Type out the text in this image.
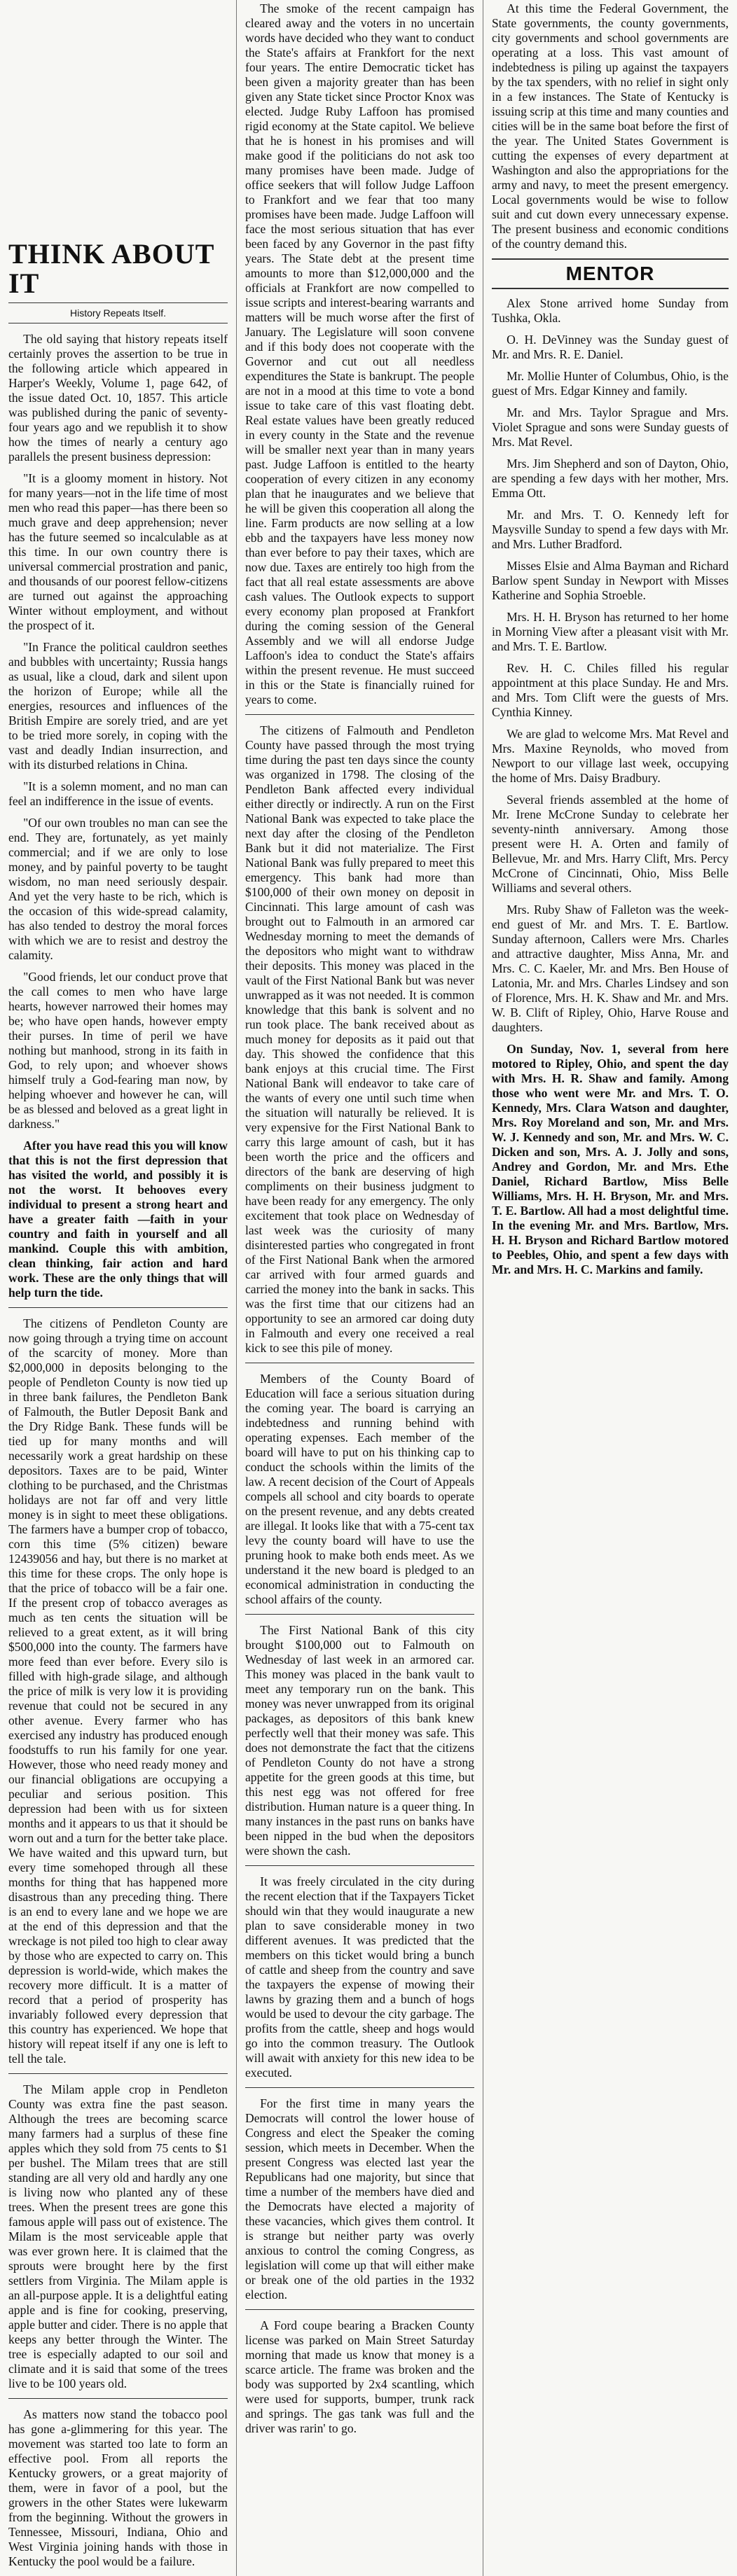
THINK ABOUT IT
History Repeats Itself.

The old saying that history repeats itself certainly proves the assertion to be true in the following article which appeared in Harper's Weekly, Volume 1, page 642, of the issue dated Oct. 10, 1857. This article was published during the panic of seventy-four years ago and we republish it to show how the times of nearly a century ago parallels the present business depression:

"It is a gloomy moment in history. Not for many years—not in the life time of most men who read this paper—has there been so much grave and deep apprehension; never has the future seemed so incalculable as at this time. In our own country there is universal commercial prostration and panic, and thousands of our poorest fellow-citizens are turned out against the approaching Winter without employment, and without the prospect of it.

"In France the political cauldron seethes and bubbles with uncertainty; Russia hangs as usual, like a cloud, dark and silent upon the horizon of Europe; while all the energies, resources and influences of the British Empire are sorely tried, and are yet to be tried more sorely, in coping with the vast and deadly Indian insurrection, and with its disturbed relations in China.

"It is a solemn moment, and no man can feel an indifference in the issue of events.

"Of our own troubles no man can see the end. They are, fortunately, as yet mainly commercial; and if we are only to lose money, and by painful poverty to be taught wisdom, no man need seriously despair. And yet the very haste to be rich, which is the occasion of this wide-spread calamity, has also tended to destroy the moral forces with which we are to resist and destroy the calamity.

"Good friends, let our conduct prove that the call comes to men who have large hearts, however narrowed their homes may be; who have open hands, however empty their purses. In time of peril we have nothing but manhood, strong in its faith in God, to rely upon; and whoever shows himself truly a God-fearing man now, by helping whoever and however he can, will be as blessed and beloved as a great light in darkness."

After you have read this you will know that this is not the first depression that has visited the world, and possibly it is not the worst. It behooves every individual to present a strong heart and have a greater faith —faith in your country and faith in yourself and all mankind. Couple this with ambition, clean thinking, fair action and hard work. These are the only things that will help turn the tide.

The citizens of Pendleton County are now going through a trying time on account of the scarcity of money. More than $2,000,000 in deposits belonging to the people of Pendleton County is now tied up in three bank failures, the Pendleton Bank of Falmouth, the Butler Deposit Bank and the Dry Ridge Bank. These funds will be tied up for many months and will necessarily work a great hardship on these depositors. Taxes are to be paid, Winter clothing to be purchased, and the Christmas holidays are not far off and very little money is in sight to meet these obligations. The farmers have a bumper crop of tobacco, corn this time (5% citizen) beware 12439056 and hay, but there is no market at this time for these crops. The only hope is that the price of tobacco will be a fair one. If the present crop of tobacco averages as much as ten cents the situation will be relieved to a great extent, as it will bring $500,000 into the county. The farmers have more feed than ever before. Every silo is filled with high-grade silage, and although the price of milk is very low it is providing revenue that could not be secured in any other avenue. Every farmer who has exercised any industry has produced enough foodstuffs to run his family for one year. However, those who need ready money and our financial obligations are occupying a peculiar and serious position. This depression had been with us for sixteen months and it appears to us that it should be worn out and a turn for the better take place. We have waited and this upward turn, but every time somehoped through all these months for thing that has happened more disastrous than any preceding thing. There is an end to every lane and we hope we are at the end of this depression and that the wreckage is not piled too high to clear away by those who are expected to carry on. This depression is world-wide, which makes the recovery more difficult. It is a matter of record that a period of prosperity has invariably followed every depression that this country has experienced. We hope that history will repeat itself if any one is left to tell the tale.

The Milam apple crop in Pendleton County was extra fine the past season. Although the trees are becoming scarce many farmers had a surplus of these fine apples which they sold from 75 cents to $1 per bushel. The Milam trees that are still standing are all very old and hardly any one is living now who planted any of these trees. When the present trees are gone this famous apple will pass out of existence. The Milam is the most serviceable apple that was ever grown here. It is claimed that the sprouts were brought here by the first settlers from Virginia. The Milam apple is an all-purpose apple. It is a delightful eating apple and is fine for cooking, preserving, apple butter and cider. There is no apple that keeps any better through the Winter. The tree is especially adapted to our soil and climate and it is said that some of the trees live to be 100 years old.

As matters now stand the tobacco pool has gone a-glimmering for this year. The movement was started too late to form an effective pool. From all reports the Kentucky growers, or a great majority of them, were in favor of a pool, but the growers in the other States were lukewarm from the beginning. Without the growers in Tennessee, Missouri, Indiana, Ohio and West Virginia joining hands with those in Kentucky the pool would be a failure.

The smoke of the recent campaign has cleared away and the voters in no uncertain words have decided who they want to conduct the State's affairs at Frankfort for the next four years. The entire Democratic ticket has been given a majority greater than has been given any State ticket since Proctor Knox was elected. Judge Ruby Laffoon has promised rigid economy at the State capitol. We believe that he is honest in his promises and will make good if the politicians do not ask too many promises have been made. Judge of office seekers that will follow Judge Laffoon to Frankfort and we fear that too many promises have been made. Judge Laffoon will face the most serious situation that has ever been faced by any Governor in the past fifty years. The State debt at the present time amounts to more than $12,000,000 and the officials at Frankfort are now compelled to issue scripts and interest-bearing warrants and matters will be much worse after the first of January. The Legislature will soon convene and if this body does not cooperate with the Governor and cut out all needless expenditures the State is bankrupt. The people are not in a mood at this time to vote a bond issue to take care of this vast floating debt. Real estate values have been greatly reduced in every county in the State and the revenue will be smaller next year than in many years past. Judge Laffoon is entitled to the hearty cooperation of every citizen in any economy plan that he inaugurates and we believe that he will be given this cooperation all along the line. Farm products are now selling at a low ebb and the taxpayers have less money now than ever before to pay their taxes, which are now due. Taxes are entirely too high from the fact that all real estate assessments are above cash values. The Outlook expects to support every economy plan proposed at Frankfort during the coming session of the General Assembly and we will all endorse Judge Laffoon's idea to conduct the State's affairs within the present revenue. He must succeed in this or the State is financially ruined for years to come.

The citizens of Falmouth and Pendleton County have passed through the most trying time during the past ten days since the county was organized in 1798. The closing of the Pendleton Bank affected every individual either directly or indirectly. A run on the First National Bank was expected to take place the next day after the closing of the Pendleton Bank but it did not materialize. The First National Bank was fully prepared to meet this emergency. This bank had more than $100,000 of their own money on deposit in Cincinnati. This large amount of cash was brought out to Falmouth in an armored car Wednesday morning to meet the demands of the depositors who might want to withdraw their deposits. This money was placed in the vault of the First National Bank but was never unwrapped as it was not needed. It is common knowledge that this bank is solvent and no run took place. The bank received about as much money for deposits as it paid out that day. This showed the confidence that this bank enjoys at this crucial time. The First National Bank will endeavor to take care of the wants of every one until such time when the situation will naturally be relieved. It is very expensive for the First National Bank to carry this large amount of cash, but it has been worth the price and the officers and directors of the bank are deserving of high compliments on their business judgment to have been ready for any emergency. The only excitement that took place on Wednesday of last week was the curiosity of many disinterested parties who congregated in front of the First National Bank when the armored car arrived with four armed guards and carried the money into the bank in sacks. This was the first time that our citizens had an opportunity to see an armored car doing duty in Falmouth and every one received a real kick to see this pile of money.

Members of the County Board of Education will face a serious situation during the coming year. The board is carrying an indebtedness and running behind with operating expenses. Each member of the board will have to put on his thinking cap to conduct the schools within the limits of the law. A recent decision of the Court of Appeals compels all school and city boards to operate on the present revenue, and any debts created are illegal. It looks like that with a 75-cent tax levy the county board will have to use the pruning hook to make both ends meet. As we understand it the new board is pledged to an economical administration in conducting the school affairs of the county.

The First National Bank of this city brought $100,000 out to Falmouth on Wednesday of last week in an armored car. This money was placed in the bank vault to meet any temporary run on the bank. This money was never unwrapped from its original packages, as depositors of this bank knew perfectly well that their money was safe. This does not demonstrate the fact that the citizens of Pendleton County do not have a strong appetite for the green goods at this time, but this nest egg was not offered for free distribution. Human nature is a queer thing. In many instances in the past runs on banks have been nipped in the bud when the depositors were shown the cash.

It was freely circulated in the city during the recent election that if the Taxpayers Ticket should win that they would inaugurate a new plan to save considerable money in two different avenues. It was predicted that the members on this ticket would bring a bunch of cattle and sheep from the country and save the taxpayers the expense of mowing their lawns by grazing them and a bunch of hogs would be used to devour the city garbage. The profits from the cattle, sheep and hogs would go into the common treasury. The Outlook will await with anxiety for this new idea to be executed.

For the first time in many years the Democrats will control the lower house of Congress and elect the Speaker the coming session, which meets in December. When the present Congress was elected last year the Republicans had one majority, but since that time a number of the members have died and the Democrats have elected a majority of these vacancies, which gives them control. It is strange but neither party was overly anxious to control the coming Congress, as legislation will come up that will either make or break one of the old parties in the 1932 election.

A Ford coupe bearing a Bracken County license was parked on Main Street Saturday morning that made us know that money is a scarce article. The frame was broken and the body was supported by 2x4 scantling, which were used for supports, bumper, trunk rack and springs. The gas tank was full and the driver was rarin' to go.

At this time the Federal Government, the State governments, the county governments, city governments and school governments are operating at a loss. This vast amount of indebtedness is piling up against the taxpayers by the tax spenders, with no relief in sight only in a few instances. The State of Kentucky is issuing scrip at this time and many counties and cities will be in the same boat before the first of the year. The United States Government is cutting the expenses of every department at Washington and also the appropriations for the army and navy, to meet the present emergency. Local governments would be wise to follow suit and cut down every unnecessary expense. The present business and economic conditions of the country demand this.

MENTOR

Alex Stone arrived home Sunday from Tushka, Okla.

O. H. DeVinney was the Sunday guest of Mr. and Mrs. R. E. Daniel.

Mr. Mollie Hunter of Columbus, Ohio, is the guest of Mrs. Edgar Kinney and family.

Mr. and Mrs. Taylor Sprague and Mrs. Violet Sprague and sons were Sunday guests of Mrs. Mat Revel.

Mrs. Jim Shepherd and son of Dayton, Ohio, are spending a few days with her mother, Mrs. Emma Ott.

Mr. and Mrs. T. O. Kennedy left for Maysville Sunday to spend a few days with Mr. and Mrs. Luther Bradford.

Misses Elsie and Alma Bayman and Richard Barlow spent Sunday in Newport with Misses Katherine and Sophia Stroeble.

Mrs. H. H. Bryson has returned to her home in Morning View after a pleasant visit with Mr. and Mrs. T. E. Bartlow.

Rev. H. C. Chiles filled his regular appointment at this place Sunday. He and Mrs. and Mrs. Tom Clift were the guests of Mrs. Cynthia Kinney.

We are glad to welcome Mrs. Mat Revel and Mrs. Maxine Reynolds, who moved from Newport to our village last week, occupying the home of Mrs. Daisy Bradbury.

Several friends assembled at the home of Mr. Irene McCrone Sunday to celebrate her seventy-ninth anniversary. Among those present were H. A. Orten and family of Bellevue, Mr. and Mrs. Harry Clift, Mrs. Percy McCrone of Cincinnati, Ohio, Miss Belle Williams and several others.

Mrs. Ruby Shaw of Falleton was the week-end guest of Mr. and Mrs. T. E. Bartlow. Sunday afternoon, Callers were Mrs. Charles and attractive daughter, Miss Anna, Mr. and Mrs. C. C. Kaeler, Mr. and Mrs. Ben House of Latonia, Mr. and Mrs. Charles Lindsey and son of Florence, Mrs. H. K. Shaw and Mr. and Mrs. W. B. Clift of Ripley, Ohio, Harve Rouse and daughters.

On Sunday, Nov. 1, several from here motored to Ripley, Ohio, and spent the day with Mrs. H. R. Shaw and family. Among those who went were Mr. and Mrs. T. O. Kennedy, Mrs. Clara Watson and daughter, Mrs. Roy Moreland and son, Mr. and Mrs. W. J. Kennedy and son, Mr. and Mrs. W. C. Dicken and son, Mrs. A. J. Jolly and sons, Andrey and Gordon, Mr. and Mrs. Ethe Daniel, Richard Bartlow, Miss Belle Williams, Mrs. H. H. Bryson, Mr. and Mrs. T. E. Bartlow. All had a most delightful time. In the evening Mr. and Mrs. Bartlow, Mrs. H. H. Bryson and Richard Bartlow motored to Peebles, Ohio, and spent a few days with Mr. and Mrs. H. C. Markins and family.
